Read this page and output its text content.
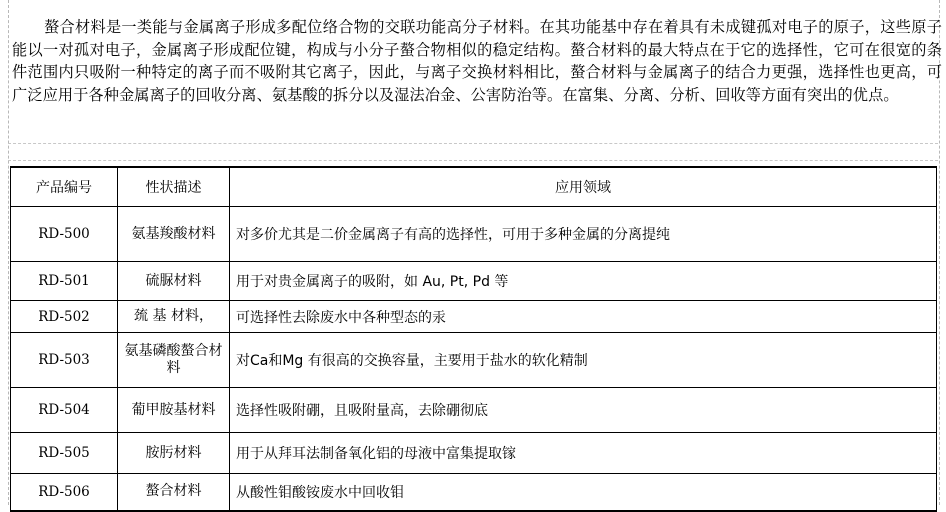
螯合材料是一类能与金属离子形成多配位络合物的交联功能高分子材料。在其功能基中存在着具有未成键孤对电子的原子，这些原子能以一对孤对电子，金属离子形成配位键，构成与小分子螯合物相似的稳定结构。螯合材料的最大特点在于它的选择性，它可在很宽的条件范围内只吸附一种特定的离子而不吸附其它离子，因此，与离子交换材料相比，螯合材料与金属离子的结合力更强，选择性也更高，可广泛应用于各种金属离子的回收分离、氨基酸的拆分以及湿法冶金、公害防治等。在富集、分离、分析、回收等方面有突出的优点。

产品编号	性状描述	应用领域
RD-500	氨基羧酸材料	对多价尤其是二价金属离子有高的选择性，可用于多种金属的分离提纯
RD-501	硫脲材料	用于对贵金属离子的吸附，如 Au, Pt, Pd 等
RD-502	巯 基 材料，	可选择性去除废水中各种型态的汞
RD-503	氨基磷酸螯合材料	对Ca和Mg 有很高的交换容量，主要用于盐水的软化精制
RD-504	葡甲胺基材料	选择性吸附硼，且吸附量高，去除硼彻底
RD-505	胺肟材料	用于从拜耳法制备氧化铝的母液中富集提取镓
RD-506	螯合材料	从酸性钼酸铵废水中回收钼
